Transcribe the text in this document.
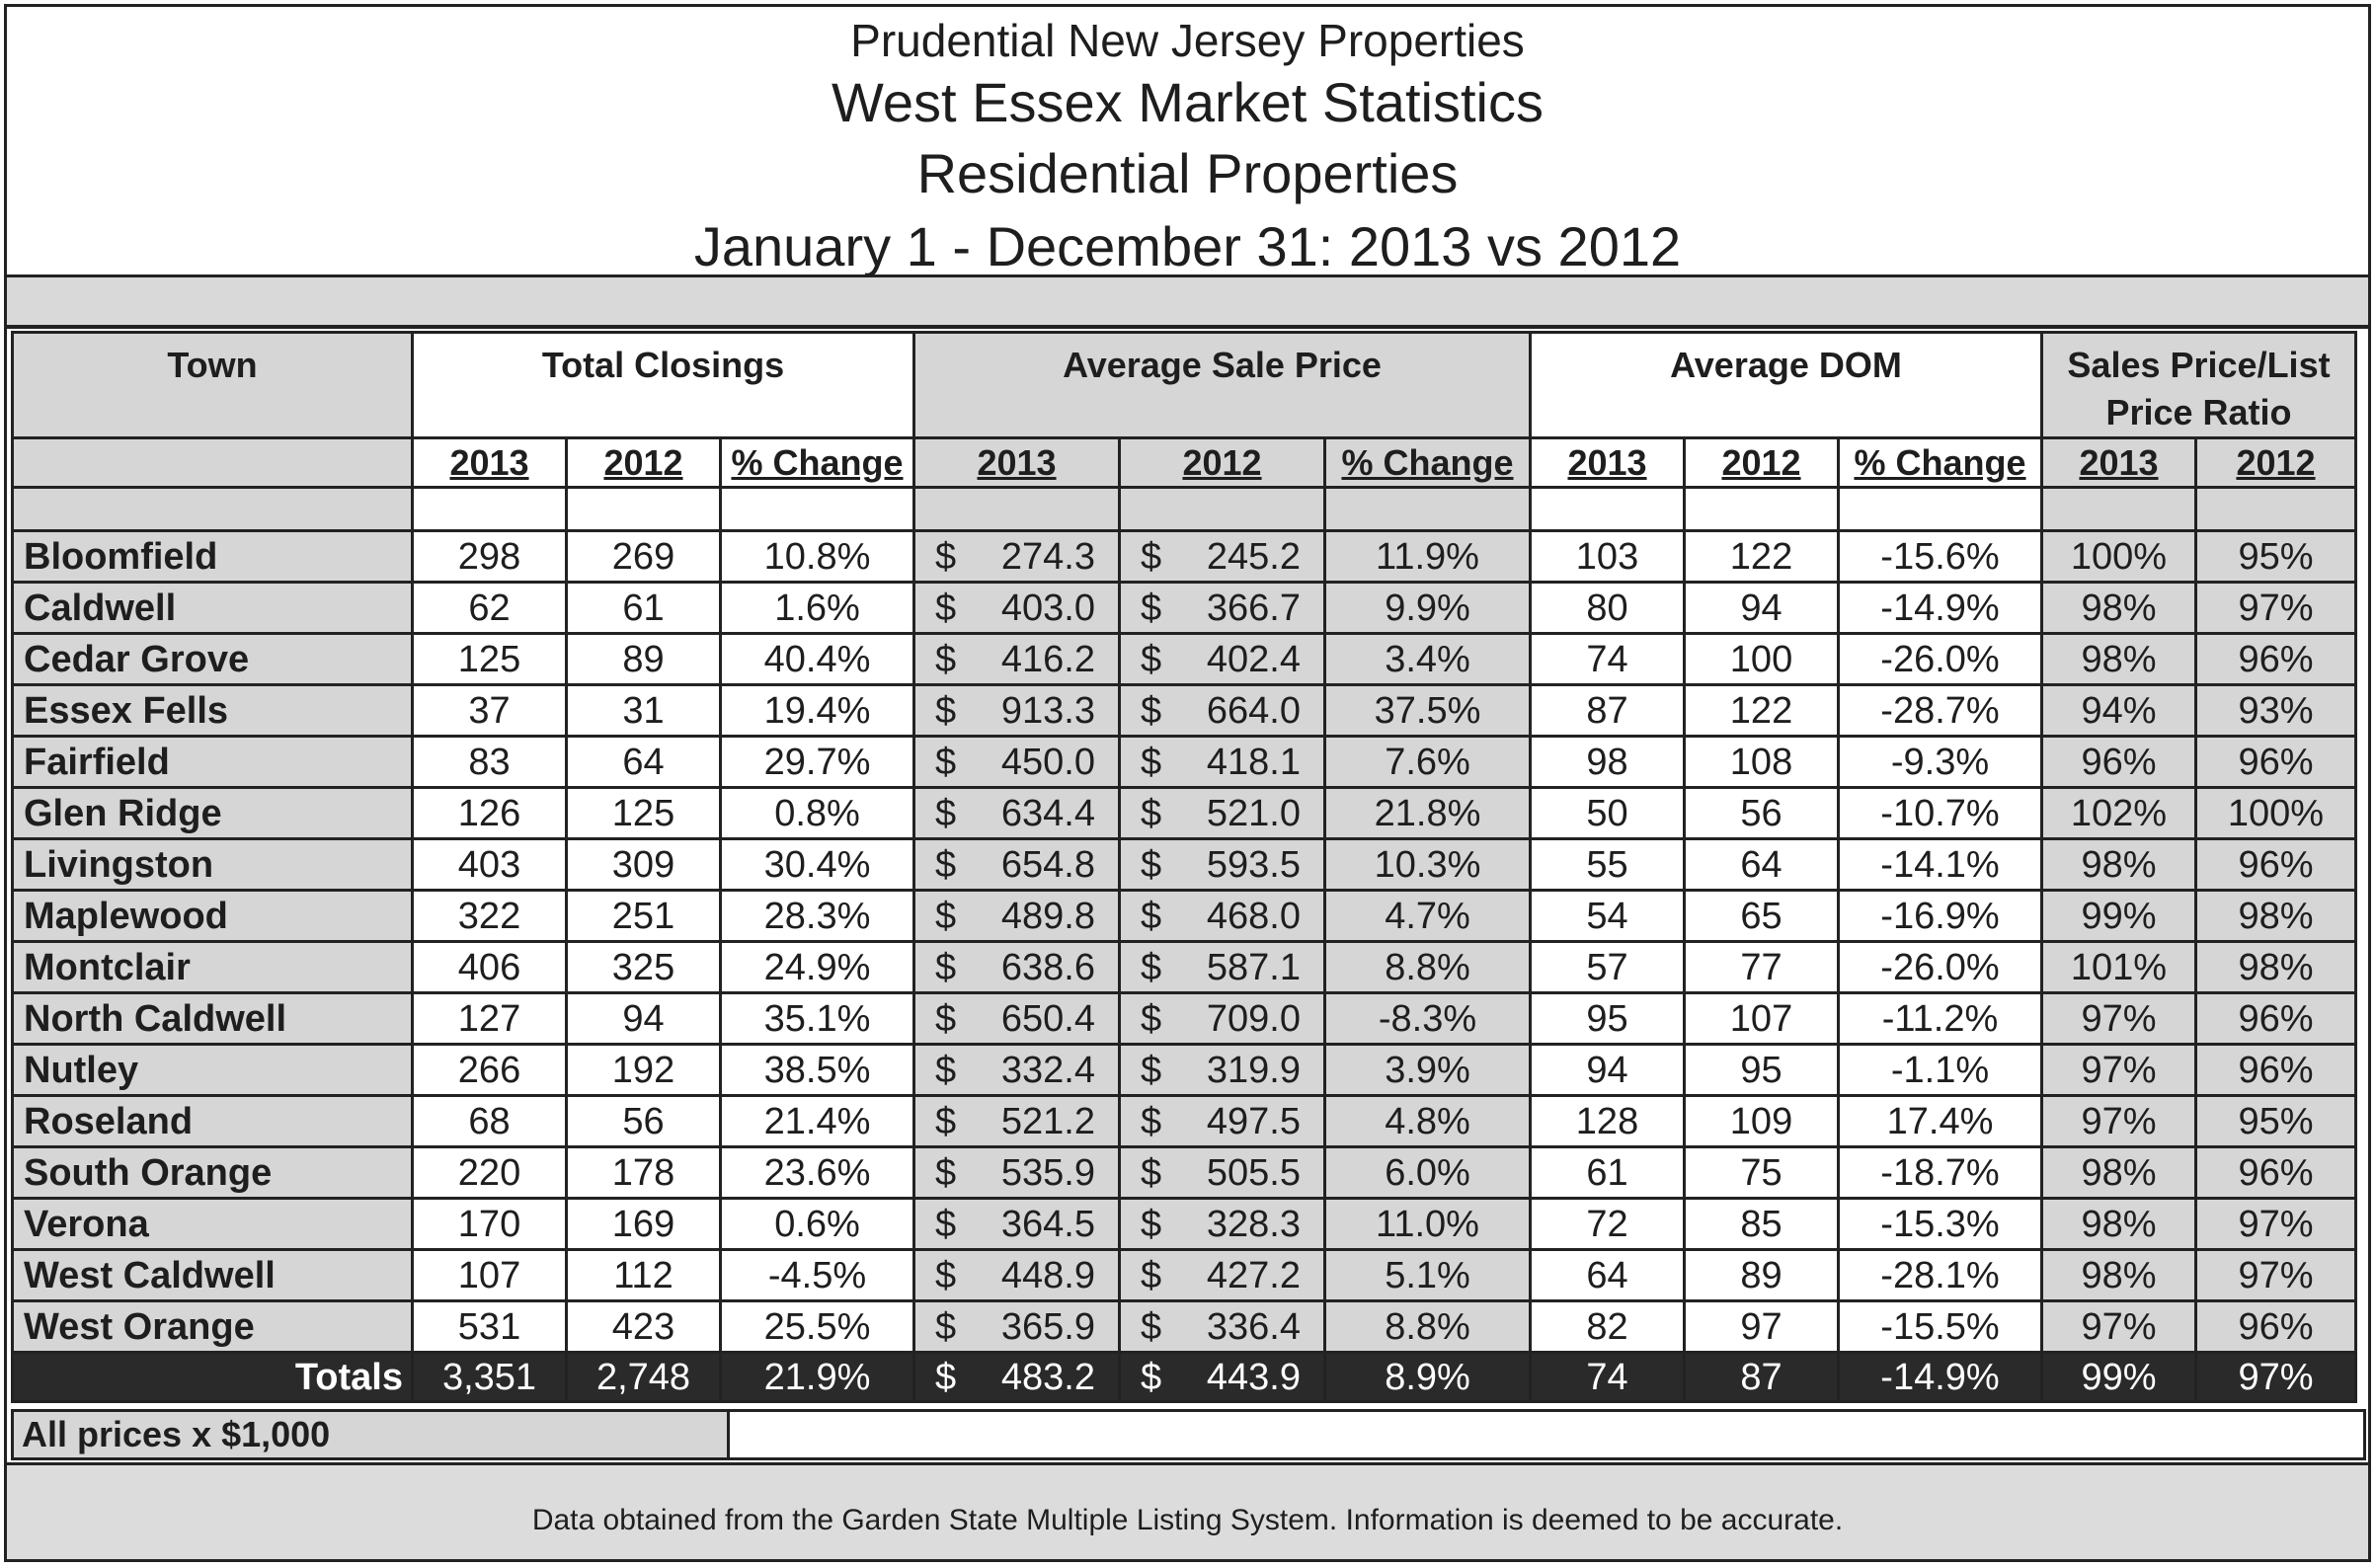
Prudential New Jersey Properties
West Essex Market Statistics
Residential Properties
January 1 - December 31: 2013 vs 2012
Town	Total Closings			Average Sale Price			Average DOM			Sales Price/List
Price Ratio	
	2013	2012	% Change	2013	2012	% Change	2013	2012	% Change	2013	2012

Bloomfield	298	269	10.8%	$ 274.3	$ 245.2	11.9%	103	122	-15.6%	100%	95%
Caldwell	62	61	1.6%	$ 403.0	$ 366.7	9.9%	80	94	-14.9%	98%	97%
Cedar Grove	125	89	40.4%	$ 416.2	$ 402.4	3.4%	74	100	-26.0%	98%	96%
Essex Fells	37	31	19.4%	$ 913.3	$ 664.0	37.5%	87	122	-28.7%	94%	93%
Fairfield	83	64	29.7%	$ 450.0	$ 418.1	7.6%	98	108	-9.3%	96%	96%
Glen Ridge	126	125	0.8%	$ 634.4	$ 521.0	21.8%	50	56	-10.7%	102%	100%
Livingston	403	309	30.4%	$ 654.8	$ 593.5	10.3%	55	64	-14.1%	98%	96%
Maplewood	322	251	28.3%	$ 489.8	$ 468.0	4.7%	54	65	-16.9%	99%	98%
Montclair	406	325	24.9%	$ 638.6	$ 587.1	8.8%	57	77	-26.0%	101%	98%
North Caldwell	127	94	35.1%	$ 650.4	$ 709.0	-8.3%	95	107	-11.2%	97%	96%
Nutley	266	192	38.5%	$ 332.4	$ 319.9	3.9%	94	95	-1.1%	97%	96%
Roseland	68	56	21.4%	$ 521.2	$ 497.5	4.8%	128	109	17.4%	97%	95%
South Orange	220	178	23.6%	$ 535.9	$ 505.5	6.0%	61	75	-18.7%	98%	96%
Verona	170	169	0.6%	$ 364.5	$ 328.3	11.0%	72	85	-15.3%	98%	97%
West Caldwell	107	112	-4.5%	$ 448.9	$ 427.2	5.1%	64	89	-28.1%	98%	97%
West Orange	531	423	25.5%	$ 365.9	$ 336.4	8.8%	82	97	-15.5%	97%	96%
Totals	3,351	2,748	21.9%	$ 483.2	$ 443.9	8.9%	74	87	-14.9%	99%	97%
All prices x $1,000
Data obtained from the Garden State Multiple Listing System. Information is deemed to be accurate.
